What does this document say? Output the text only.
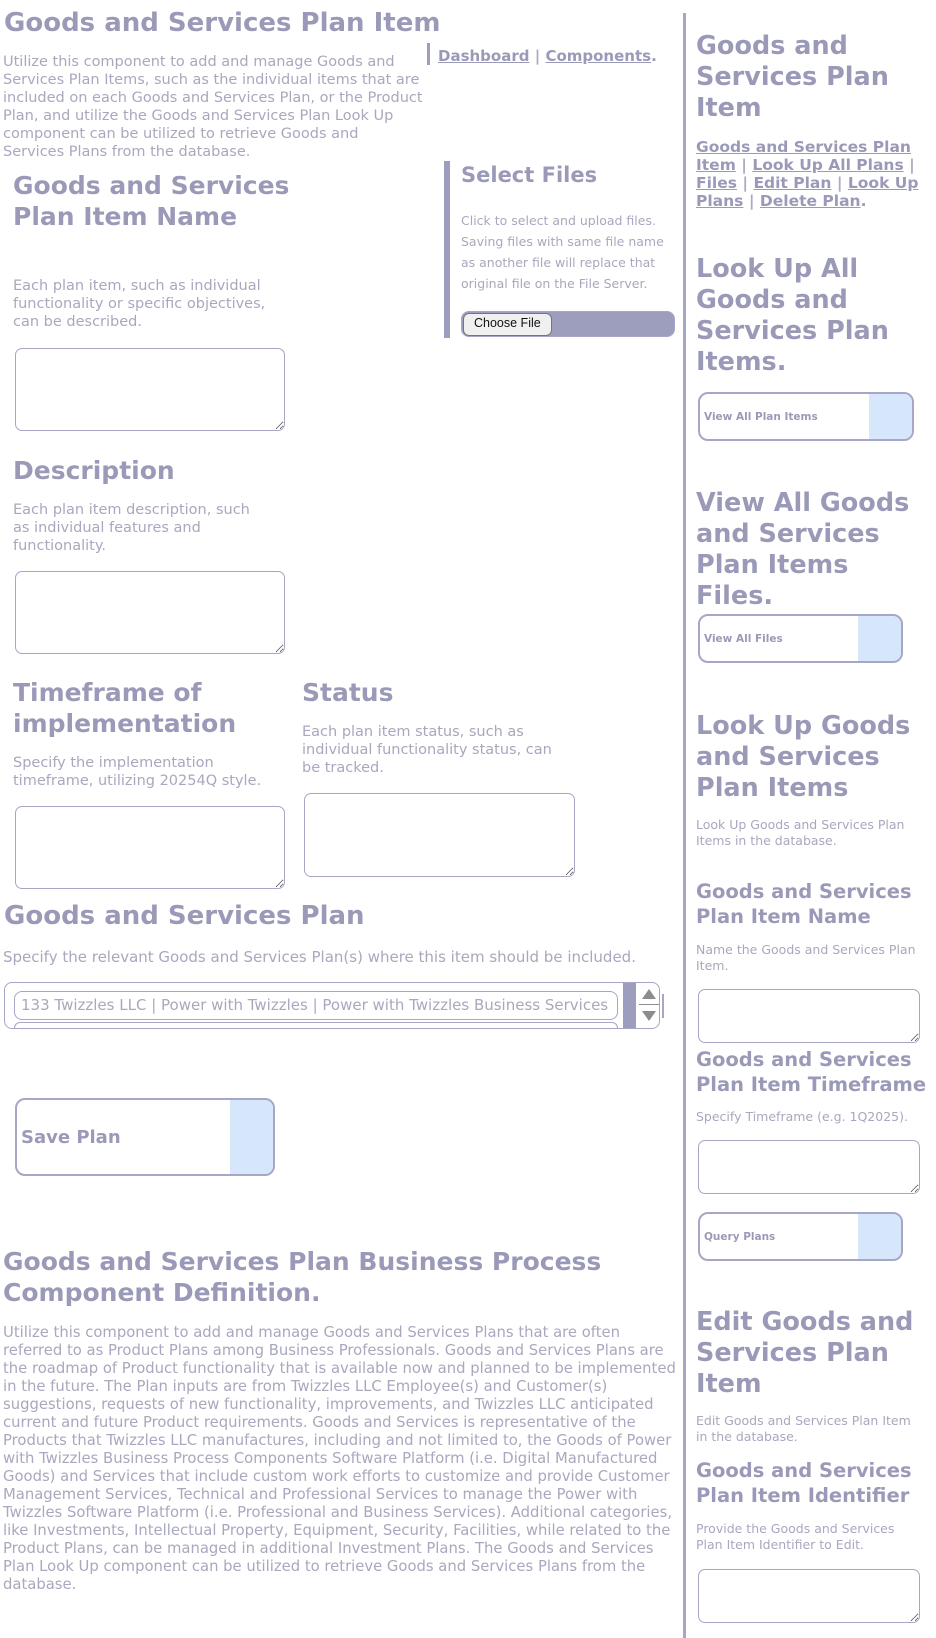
Goods and Services Plan Item

Utilize this component to add and manage Goods and Services Plan Items, such as the individual items that are included on each Goods and Services Plan, or the Product Plan, and utilize the Goods and Services Plan Look Up component can be utilized to retrieve Goods and Services Plans from the database.

Dashboard | Components.
Goods and Services Plan Item Name

Each plan item, such as individual functionality or specific objectives, can be described.

Description

Each plan item description, such as individual features and functionality.

Timeframe of implementation

Specify the implementation timeframe, utilizing 20254Q style.

Status

Each plan item status, such as individual functionality status, can be tracked.

Select Files

Click to select and upload files. Saving files with same file name as another file will replace that original file on the File Server.

Choose File
Goods and Services Plan

Specify the relevant Goods and Services Plan(s) where this item should be included.

133 Twizzles LLC | Power with Twizzles | Power with Twizzles Business Services
Save Plan
Goods and Services Plan Business Process Component Definition.

Utilize this component to add and manage Goods and Services Plans that are often referred to as Product Plans among Business Professionals. Goods and Services Plans are the roadmap of Product functionality that is available now and planned to be implemented in the future. The Plan inputs are from Twizzles LLC Employee(s) and Customer(s) suggestions, requests of new functionality, improvements, and Twizzles LLC anticipated current and future Product requirements. Goods and Services is representative of the Products that Twizzles LLC manufactures, including and not limited to, the Goods of Power with Twizzles Business Process Components Software Platform (i.e. Digital Manufactured Goods) and Services that include custom work efforts to customize and provide Customer Management Services, Technical and Professional Services to manage the Power with Twizzles Software Platform (i.e. Professional and Business Services). Additional categories, like Investments, Intellectual Property, Equipment, Security, Facilities, while related to the Product Plans, can be managed in additional Investment Plans. The Goods and Services Plan Look Up component can be utilized to retrieve Goods and Services Plans from the database.

Goods and Services Plan Item
Goods and Services Plan Item | Look Up All Plans | Files | Edit Plan | Look Up Plans | Delete Plan.
Look Up All Goods and Services Plan Items.
View All Plan Items
View All Goods and Services Plan Items Files.
View All Files
Look Up Goods and Services Plan Items

Look Up Goods and Services Plan Items in the database.

Goods and Services Plan Item Name

Name the Goods and Services Plan Item.

Goods and Services Plan Item Timeframe

Specify Timeframe (e.g. 1Q2025).

Query Plans
Edit Goods and Services Plan Item

Edit Goods and Services Plan Item in the database.

Goods and Services Plan Item Identifier

Provide the Goods and Services Plan Item Identifier to Edit.
